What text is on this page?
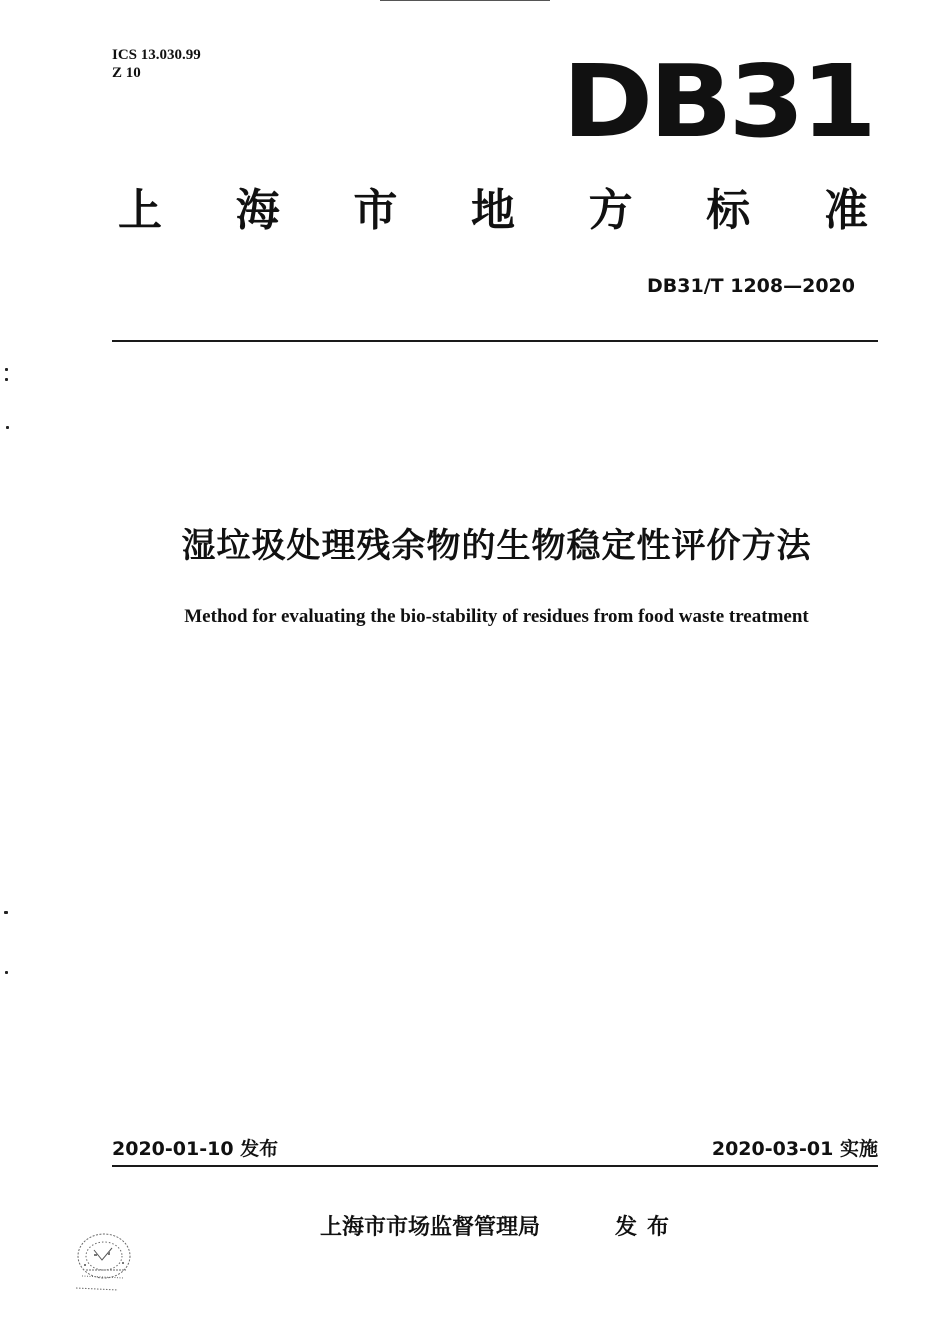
ICS 13.030.99
Z 10	DB31
上 海 市 地 方 标 准
DB31/T 1208—2020
湿垃圾处理残余物的生物稳定性评价方法
Method for evaluating the bio-stability of residues from food waste treatment
2020-01-10 发布	2020-03-01 实施
上海市市场监督管理局	发布
